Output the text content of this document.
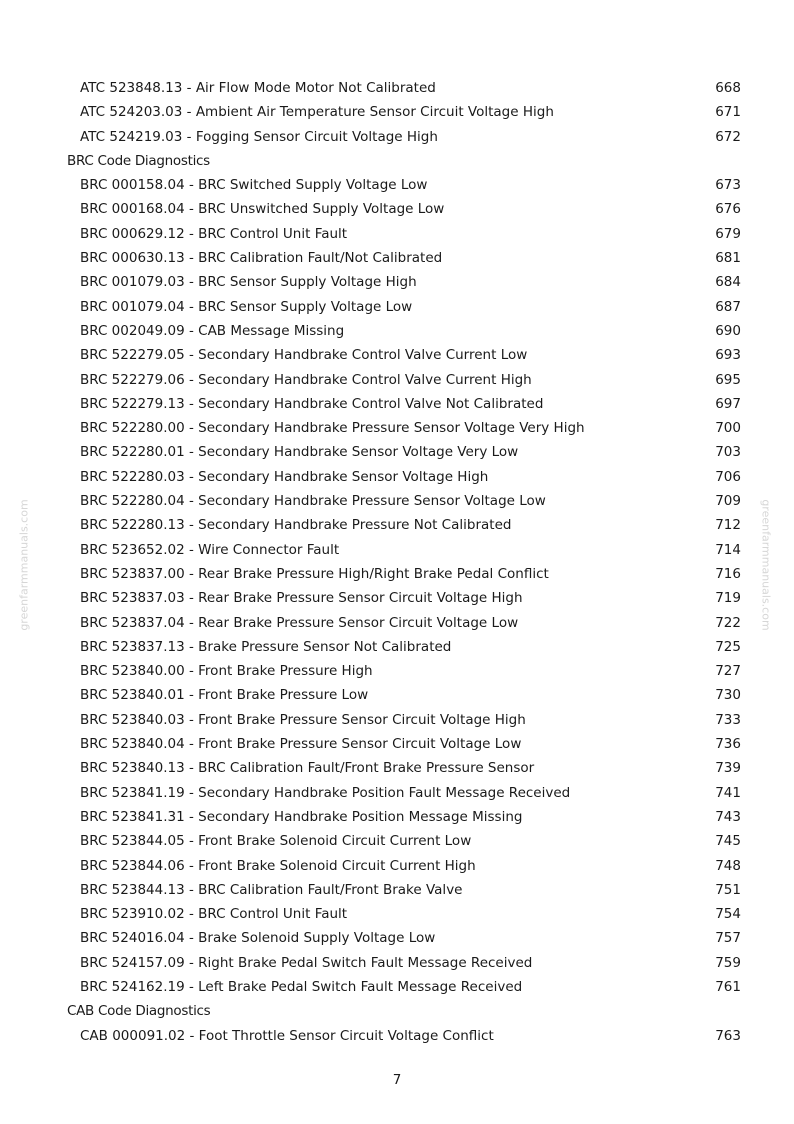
greenfarmmanuals.com	greenfarmmanuals.com
ATC 523848.13 - Air Flow Mode Motor Not Calibrated	668
ATC 524203.03 - Ambient Air Temperature Sensor Circuit Voltage High	671
ATC 524219.03 - Fogging Sensor Circuit Voltage High	672
BRC Code Diagnostics
BRC 000158.04 - BRC Switched Supply Voltage Low	673
BRC 000168.04 - BRC Unswitched Supply Voltage Low	676
BRC 000629.12 - BRC Control Unit Fault	679
BRC 000630.13 - BRC Calibration Fault/Not Calibrated	681
BRC 001079.03 - BRC Sensor Supply Voltage High	684
BRC 001079.04 - BRC Sensor Supply Voltage Low	687
BRC 002049.09 - CAB Message Missing	690
BRC 522279.05 - Secondary Handbrake Control Valve Current Low	693
BRC 522279.06 - Secondary Handbrake Control Valve Current High	695
BRC 522279.13 - Secondary Handbrake Control Valve Not Calibrated	697
BRC 522280.00 - Secondary Handbrake Pressure Sensor Voltage Very High	700
BRC 522280.01 - Secondary Handbrake Sensor Voltage Very Low	703
BRC 522280.03 - Secondary Handbrake Sensor Voltage High	706
BRC 522280.04 - Secondary Handbrake Pressure Sensor Voltage Low	709
BRC 522280.13 - Secondary Handbrake Pressure Not Calibrated	712
BRC 523652.02 - Wire Connector Fault	714
BRC 523837.00 - Rear Brake Pressure High/Right Brake Pedal Conflict	716
BRC 523837.03 - Rear Brake Pressure Sensor Circuit Voltage High	719
BRC 523837.04 - Rear Brake Pressure Sensor Circuit Voltage Low	722
BRC 523837.13 - Brake Pressure Sensor Not Calibrated	725
BRC 523840.00 - Front Brake Pressure High	727
BRC 523840.01 - Front Brake Pressure Low	730
BRC 523840.03 - Front Brake Pressure Sensor Circuit Voltage High	733
BRC 523840.04 - Front Brake Pressure Sensor Circuit Voltage Low	736
BRC 523840.13 - BRC Calibration Fault/Front Brake Pressure Sensor	739
BRC 523841.19 - Secondary Handbrake Position Fault Message Received	741
BRC 523841.31 - Secondary Handbrake Position Message Missing	743
BRC 523844.05 - Front Brake Solenoid Circuit Current Low	745
BRC 523844.06 - Front Brake Solenoid Circuit Current High	748
BRC 523844.13 - BRC Calibration Fault/Front Brake Valve	751
BRC 523910.02 - BRC Control Unit Fault	754
BRC 524016.04 - Brake Solenoid Supply Voltage Low	757
BRC 524157.09 - Right Brake Pedal Switch Fault Message Received	759
BRC 524162.19 - Left Brake Pedal Switch Fault Message Received	761
CAB Code Diagnostics
CAB 000091.02 - Foot Throttle Sensor Circuit Voltage Conflict	763
7
